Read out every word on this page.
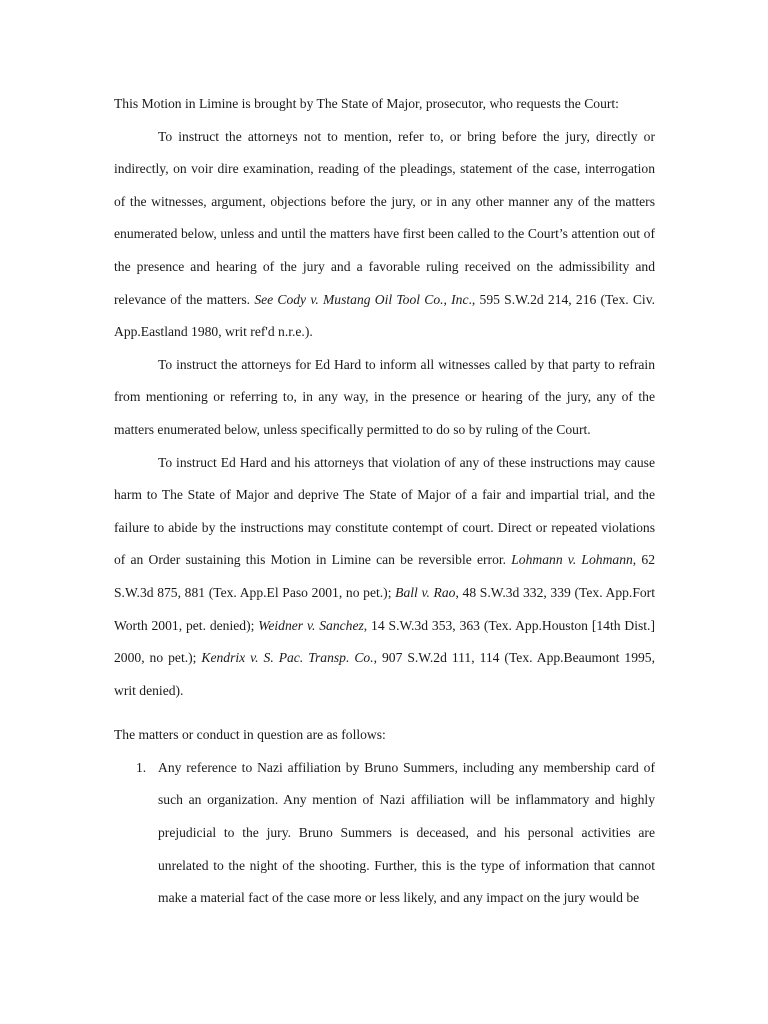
This Motion in Limine is brought by The State of Major, prosecutor, who requests the Court:

To instruct the attorneys not to mention, refer to, or bring before the jury, directly or indirectly, on voir dire examination, reading of the pleadings, statement of the case, interrogation of the witnesses, argument, objections before the jury, or in any other manner any of the matters enumerated below, unless and until the matters have first been called to the Court’s attention out of the presence and hearing of the jury and a favorable ruling received on the admissibility and relevance of the matters. See Cody v. Mustang Oil Tool Co., Inc., 595 S.W.2d 214, 216 (Tex. Civ. App.Eastland 1980, writ ref'd n.r.e.).

To instruct the attorneys for Ed Hard to inform all witnesses called by that party to refrain from mentioning or referring to, in any way, in the presence or hearing of the jury, any of the matters enumerated below, unless specifically permitted to do so by ruling of the Court.

To instruct Ed Hard and his attorneys that violation of any of these instructions may cause harm to The State of Major and deprive The State of Major of a fair and impartial trial, and the failure to abide by the instructions may constitute contempt of court. Direct or repeated violations of an Order sustaining this Motion in Limine can be reversible error. Lohmann v. Lohmann, 62 S.W.3d 875, 881 (Tex. App.El Paso 2001, no pet.); Ball v. Rao, 48 S.W.3d 332, 339 (Tex. App.Fort Worth 2001, pet. denied); Weidner v. Sanchez, 14 S.W.3d 353, 363 (Tex. App.Houston [14th Dist.] 2000, no pet.); Kendrix v. S. Pac. Transp. Co., 907 S.W.2d 111, 114 (Tex. App.Beaumont 1995, writ denied).

The matters or conduct in question are as follows:

1. Any reference to Nazi affiliation by Bruno Summers, including any membership card of such an organization. Any mention of Nazi affiliation will be inflammatory and highly prejudicial to the jury. Bruno Summers is deceased, and his personal activities are unrelated to the night of the shooting. Further, this is the type of information that cannot make a material fact of the case more or less likely, and any impact on the jury would be
